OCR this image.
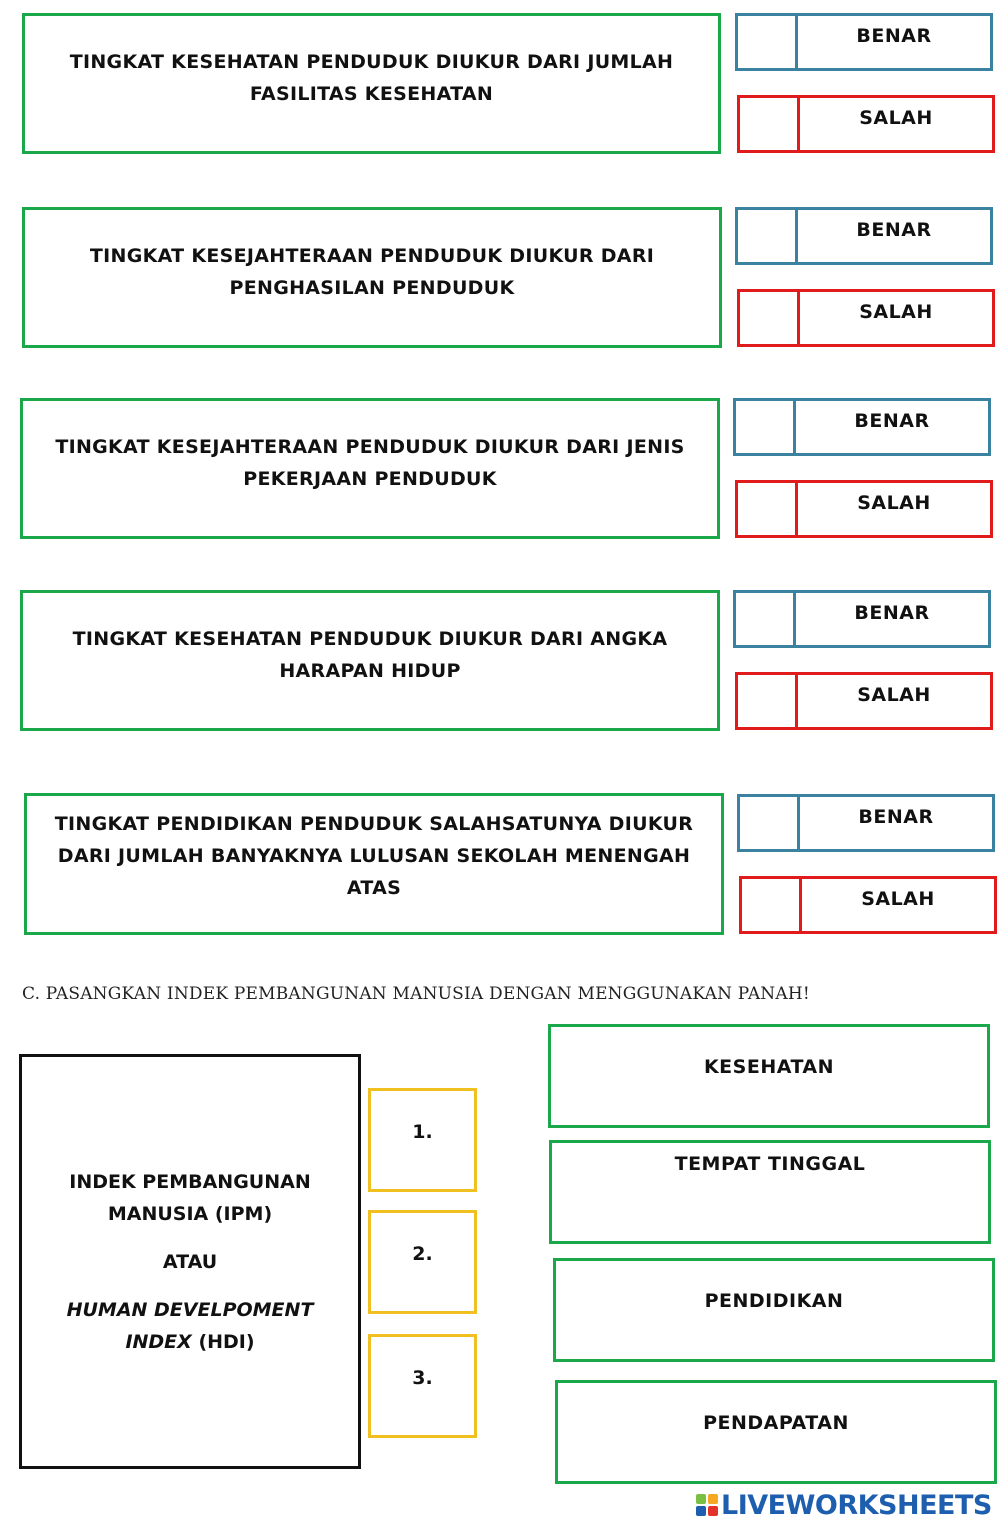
TINGKAT KESEHATAN PENDUDUK DIUKUR DARI JUMLAH FASILITAS KESEHATAN
BENAR
SALAH
TINGKAT KESEJAHTERAAN PENDUDUK DIUKUR DARI PENGHASILAN PENDUDUK
BENAR
SALAH
TINGKAT KESEJAHTERAAN PENDUDUK DIUKUR DARI JENIS PEKERJAAN PENDUDUK
BENAR
SALAH
TINGKAT KESEHATAN PENDUDUK DIUKUR DARI ANGKA HARAPAN HIDUP
BENAR
SALAH
TINGKAT PENDIDIKAN PENDUDUK SALAHSATUNYA DIUKUR DARI JUMLAH BANYAKNYA LULUSAN SEKOLAH MENENGAH ATAS
BENAR
SALAH
C. PASANGKAN INDEK PEMBANGUNAN MANUSIA DENGAN MENGGUNAKAN PANAH!
INDEK PEMBANGUNAN MANUSIA (IPM)
ATAU
HUMAN DEVELPOMENT INDEX (HDI)
1.
2.
3.
KESEHATAN
TEMPAT TINGGAL
PENDIDIKAN
PENDAPATAN
LIVEWORKSHEETS
